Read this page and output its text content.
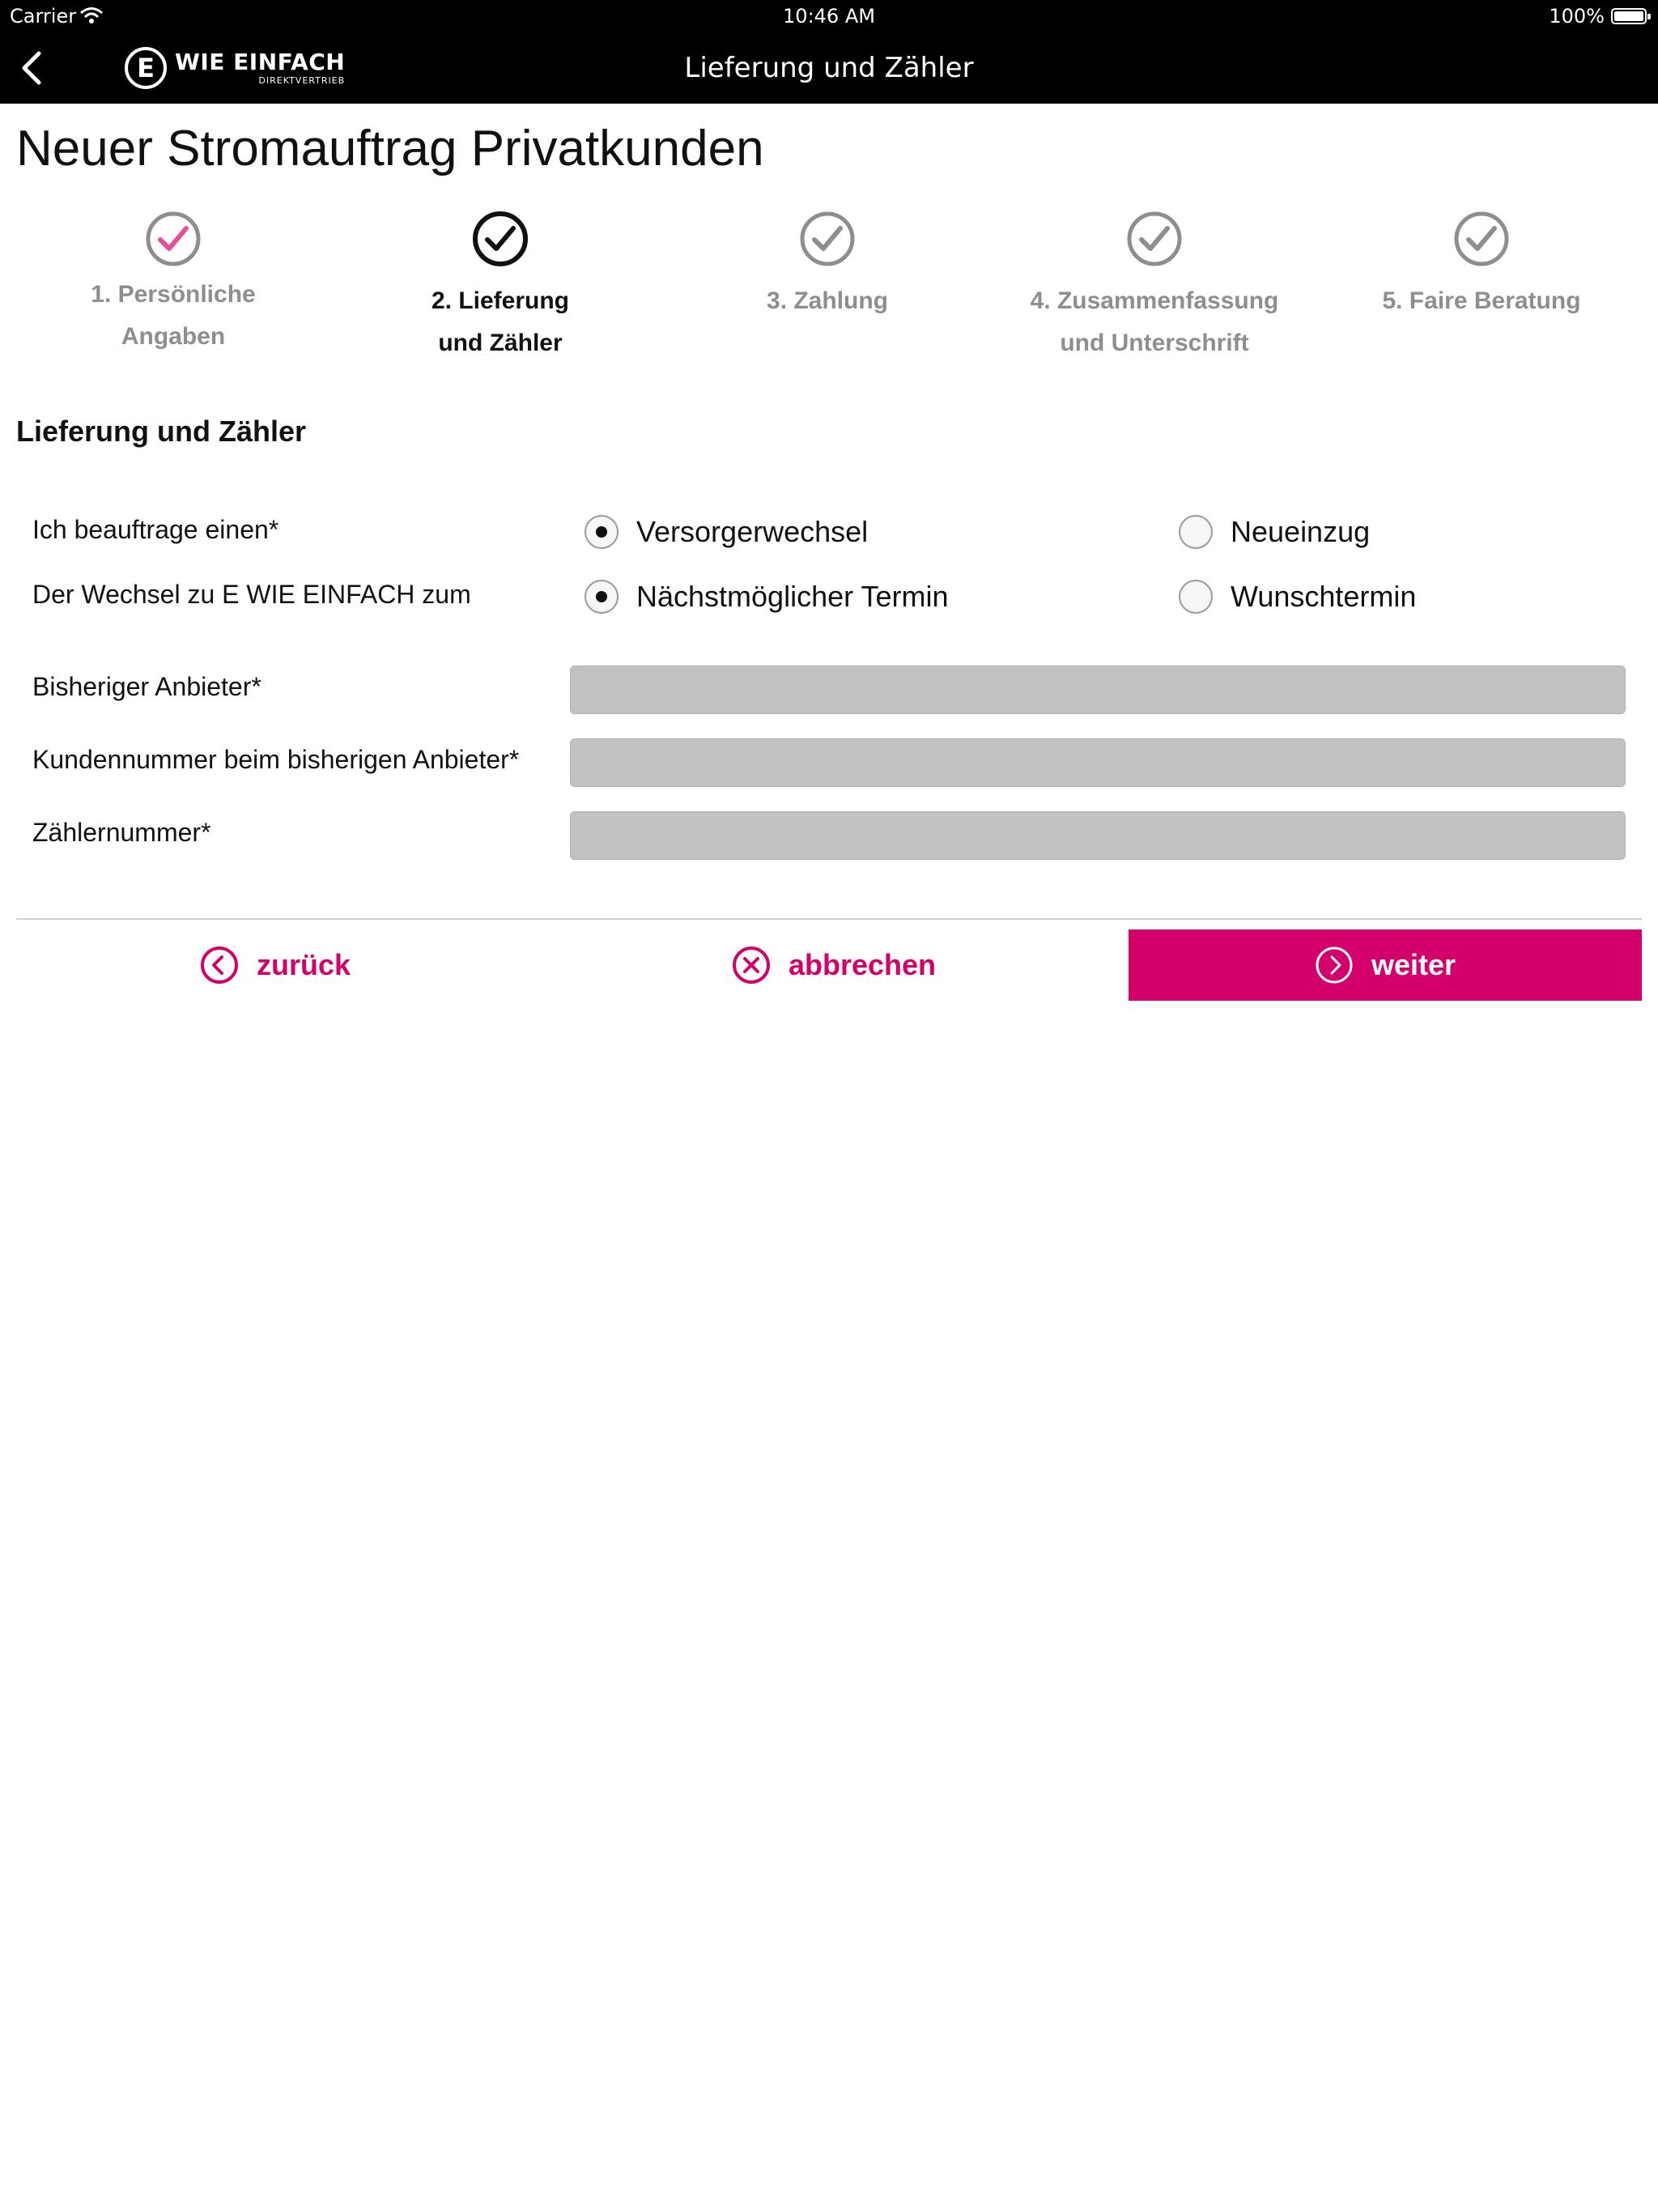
Carrier	10:46 AM	100%
E WIE EINFACH
DIREKTVERTRIEB	Lieferung und Zähler
Neuer Stromauftrag Privatkunden
1. Persönliche
Angaben
2. Lieferung
und Zähler
3. Zahlung	4. Zusammenfassung
und Unterschrift
5. Faire Beratung
Lieferung und Zähler
Ich beauftrage einen*	Versorgerwechsel	Neueinzug
Der Wechsel zu E WIE EINFACH zum	Nächstmöglicher Termin	Wunschtermin
Bisheriger Anbieter*
Kundennummer beim bisherigen Anbieter*
Zählernummer*
zurück	abbrechen	weiter
